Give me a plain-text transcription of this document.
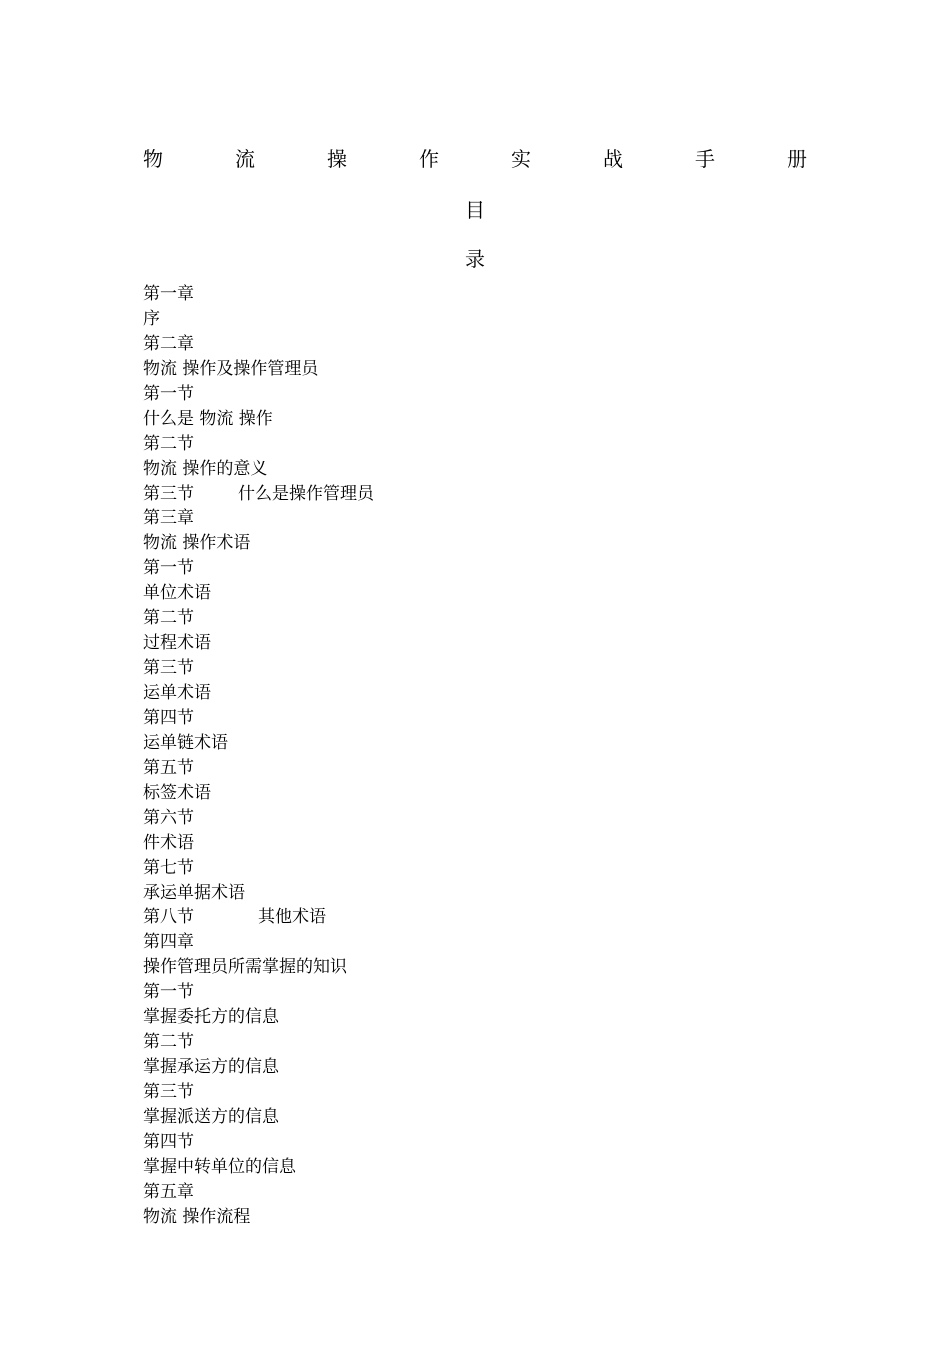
物	流	操	作	实	战	手	册
目
录
第一章
序
第二章
物流 操作及操作管理员
第一节
什么是 物流 操作
第二节
物流 操作的意义
第三节	什么是操作管理员
第三章
物流 操作术语
第一节
单位术语
第二节
过程术语
第三节
运单术语
第四节
运单链术语
第五节
标签术语
第六节
件术语
第七节
承运单据术语
第八节	其他术语
第四章
操作管理员所需掌握的知识
第一节
掌握委托方的信息
第二节
掌握承运方的信息
第三节
掌握派送方的信息
第四节
掌握中转单位的信息
第五章
物流 操作流程
